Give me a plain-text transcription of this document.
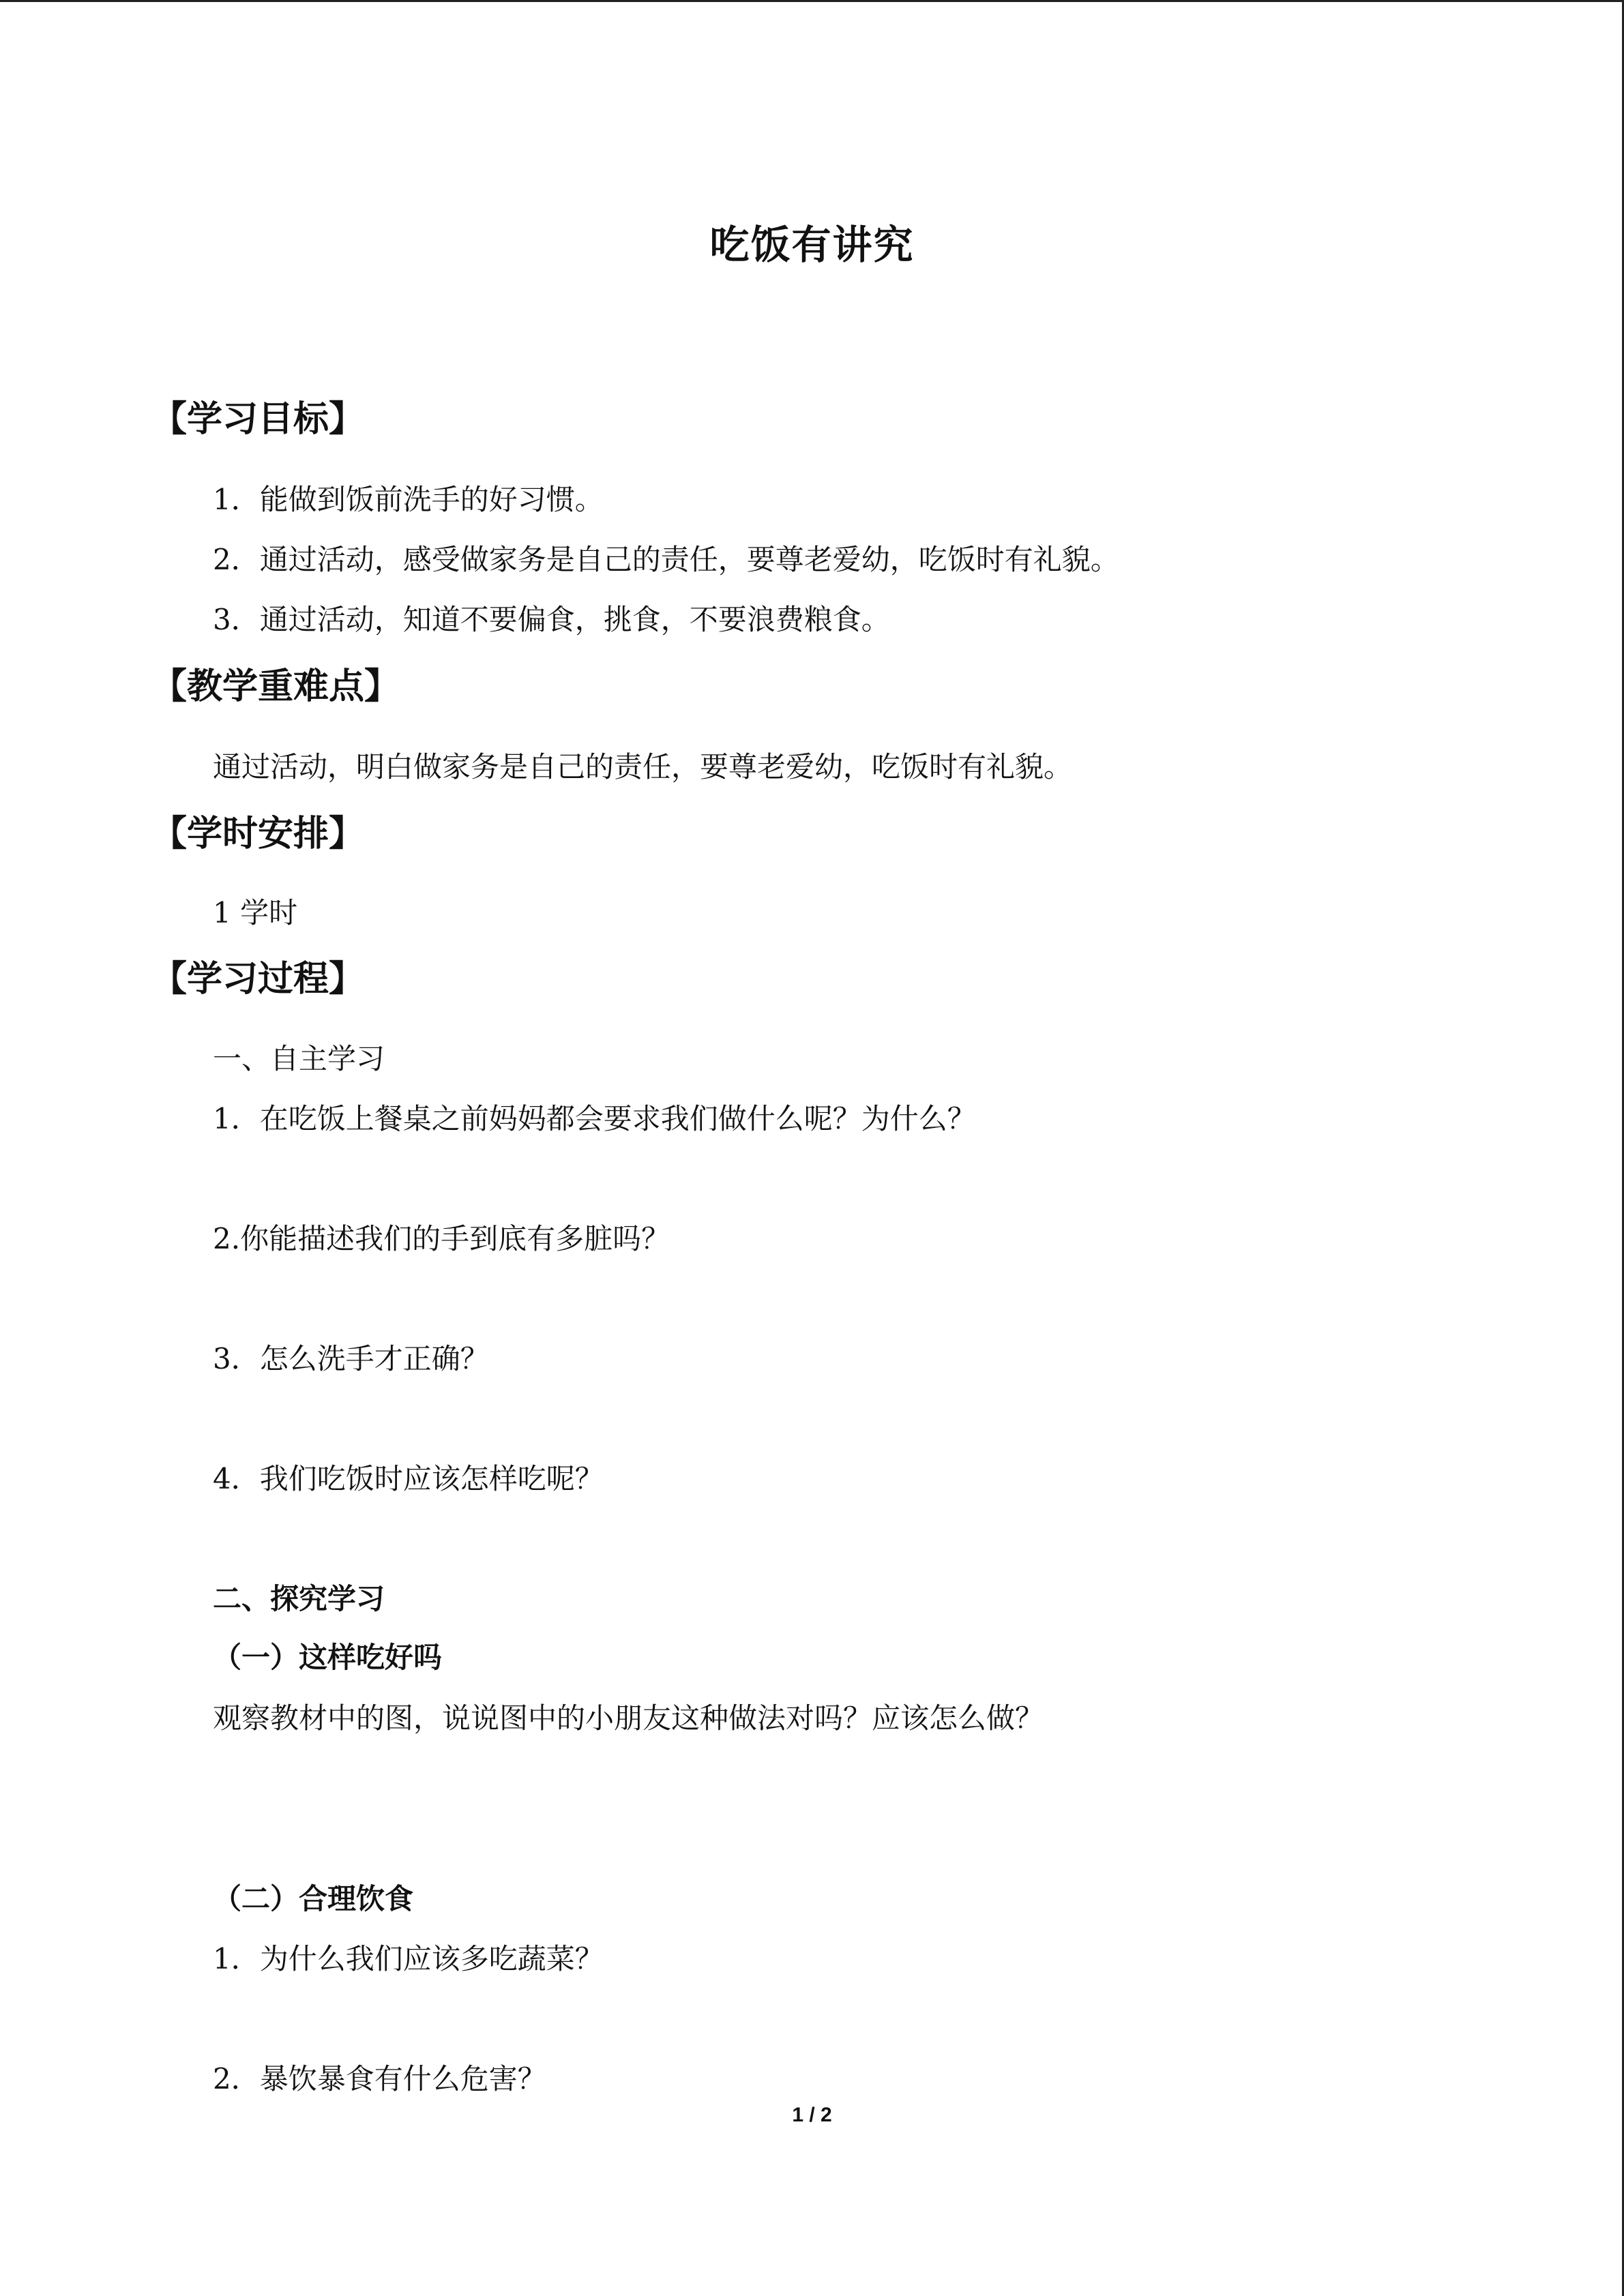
吃饭有讲究
【学习目标】
1．能做到饭前洗手的好习惯。
2．通过活动，感受做家务是自己的责任，要尊老爱幼，吃饭时有礼貌。
3．通过活动，知道不要偏食，挑食，不要浪费粮食。
【教学重难点】
通过活动，明白做家务是自己的责任，要尊老爱幼，吃饭时有礼貌。
【学时安排】
1 学时
【学习过程】
一、自主学习
1．在吃饭上餐桌之前妈妈都会要求我们做什么呢？为什么？
2.你能描述我们的手到底有多脏吗？
3．怎么洗手才正确？
4．我们吃饭时应该怎样吃呢？
二、探究学习
（一）这样吃好吗
观察教材中的图，说说图中的小朋友这种做法对吗？应该怎么做？
（二）合理饮食
1．为什么我们应该多吃蔬菜？
2．暴饮暴食有什么危害？
1 / 2
